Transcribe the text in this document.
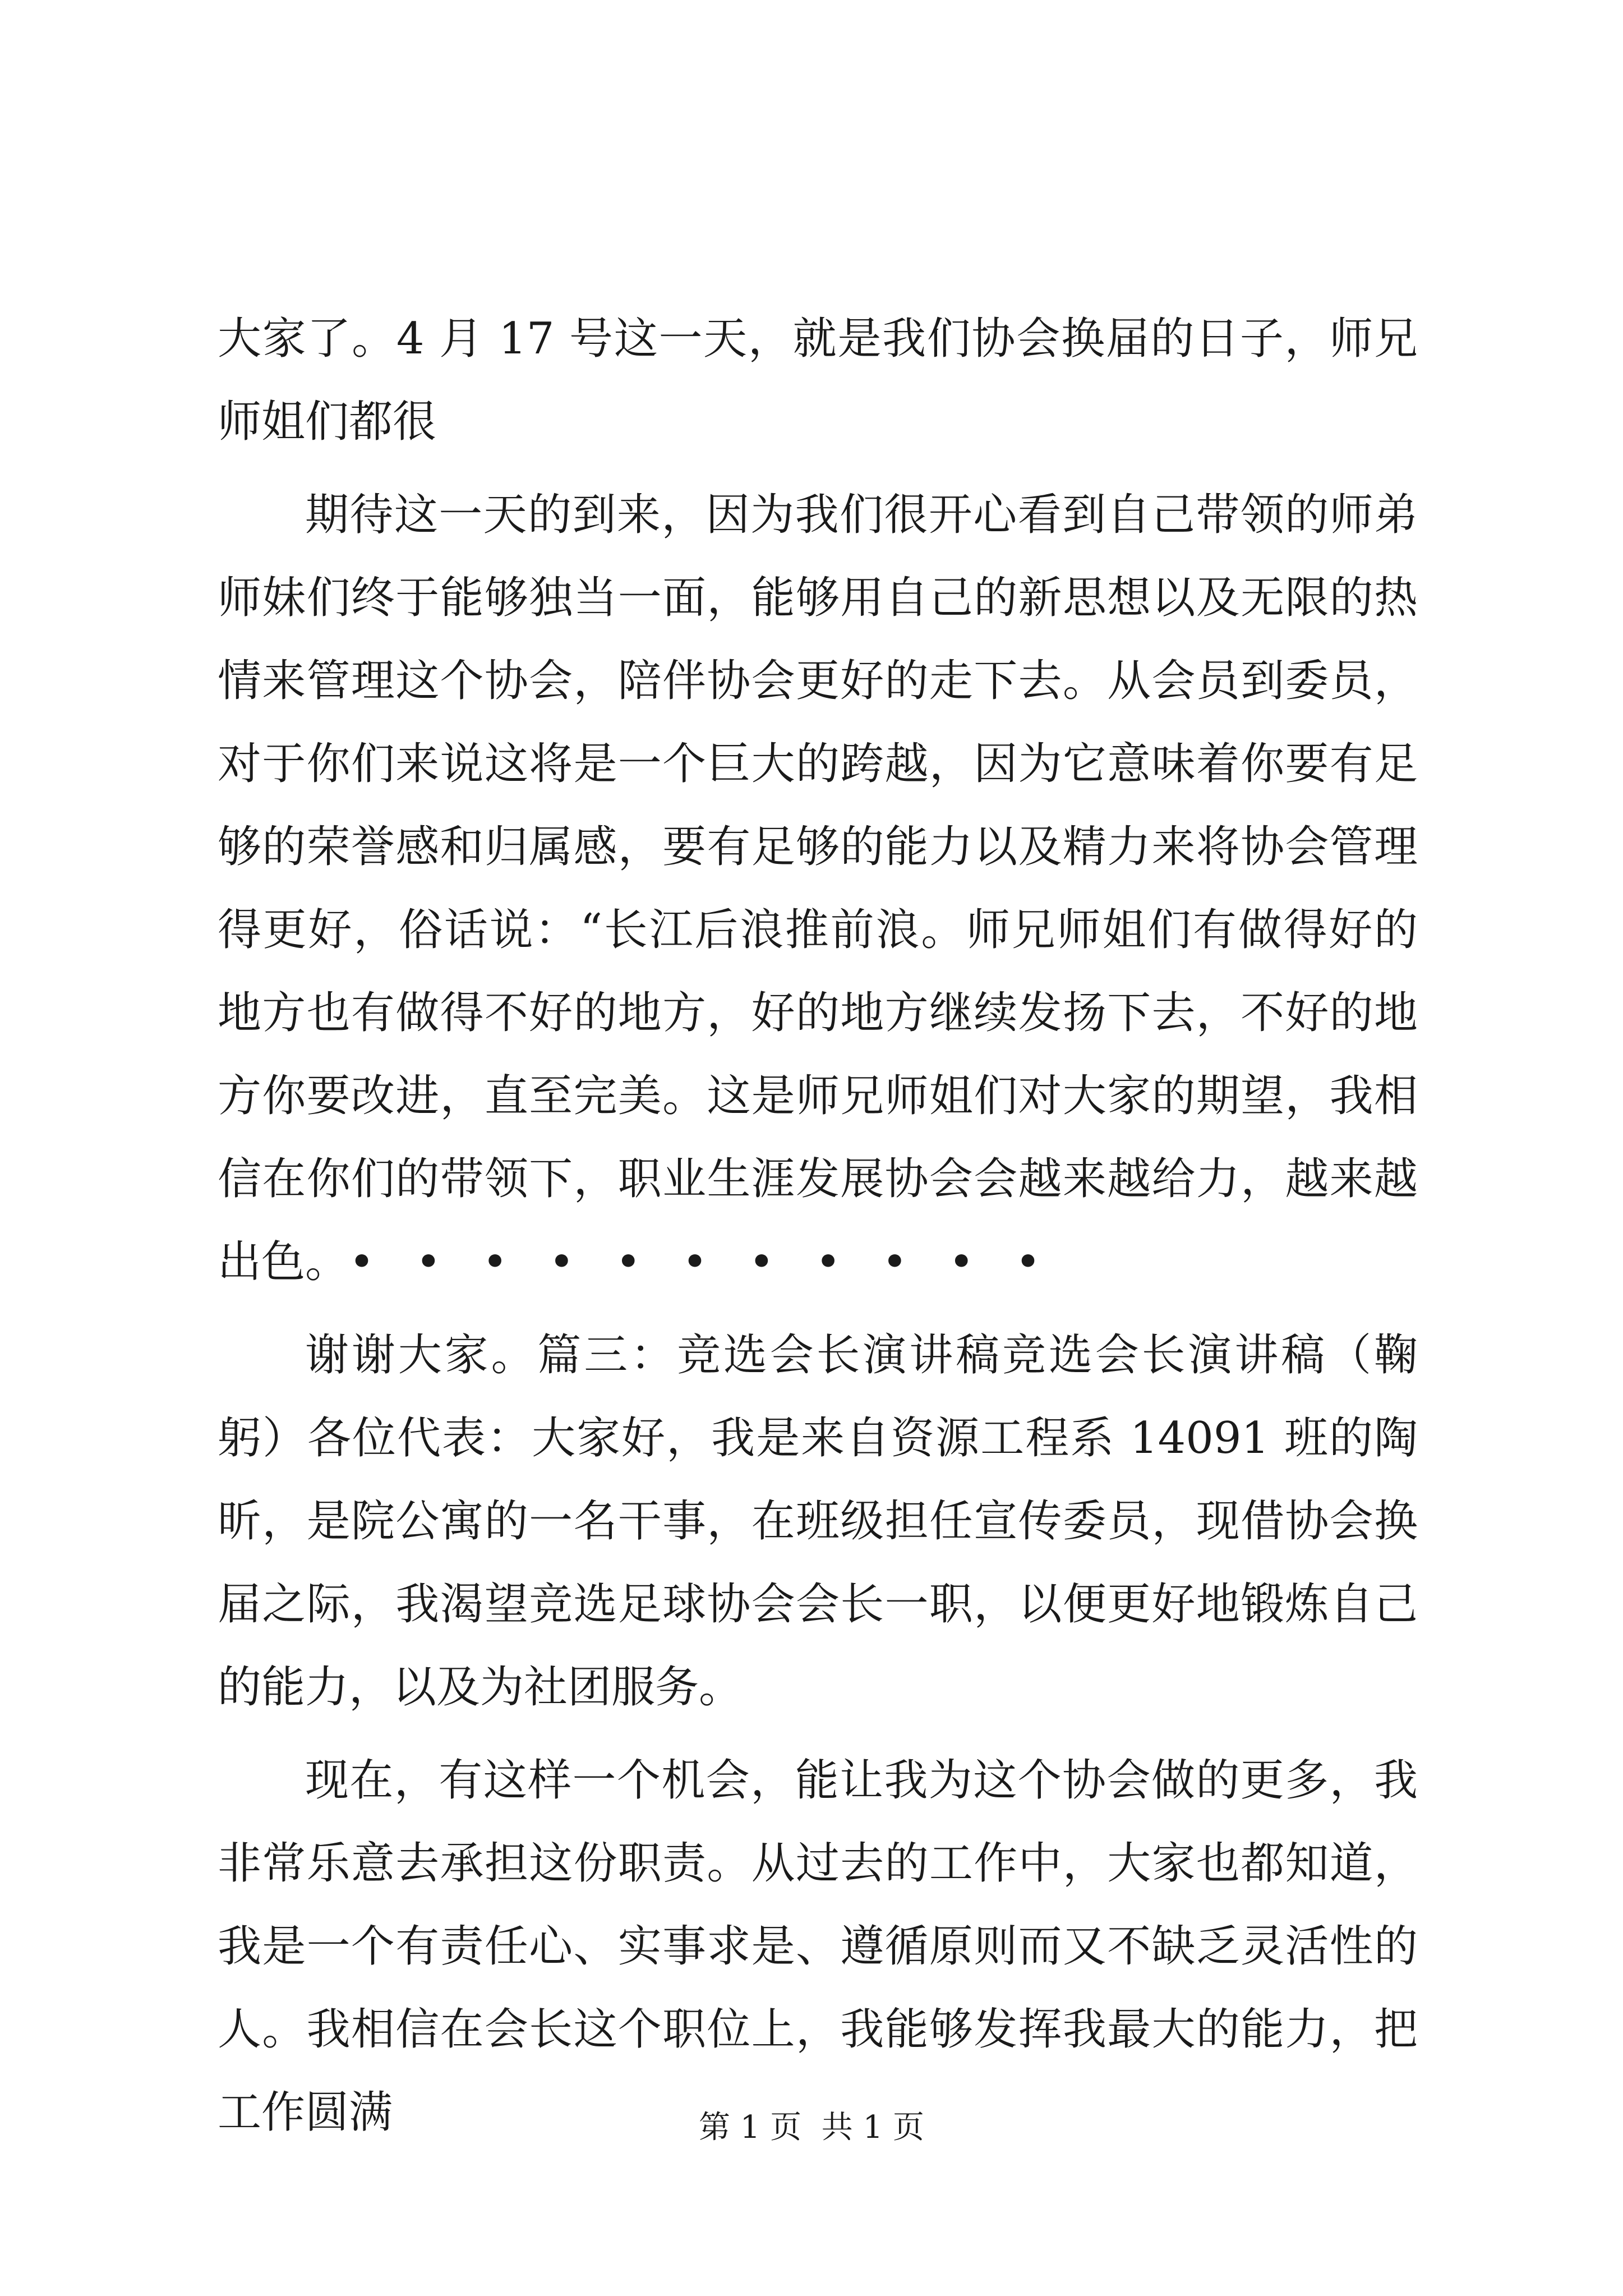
大家了。4 月 17 号这一天，就是我们协会换届的日子，师兄师姐们都很

期待这一天的到来，因为我们很开心看到自己带领的师弟师妹们终于能够独当一面，能够用自己的新思想以及无限的热情来管理这个协会，陪伴协会更好的走下去。从会员到委员，对于你们来说这将是一个巨大的跨越，因为它意味着你要有足够的荣誉感和归属感，要有足够的能力以及精力来将协会管理得更好，俗话说：“长江后浪推前浪。师兄师姐们有做得好的地方也有做得不好的地方，好的地方继续发扬下去，不好的地方你要改进，直至完美。这是师兄师姐们对大家的期望，我相信在你们的带领下，职业生涯发展协会会越来越给力，越来越出色。• • • • • • • • • • •

谢谢大家。篇三：竞选会长演讲稿竞选会长演讲稿（鞠躬）各位代表：大家好，我是来自资源工程系 14091 班的陶昕，是院公寓的一名干事，在班级担任宣传委员，现借协会换届之际，我渴望竞选足球协会会长一职，以便更好地锻炼自己的能力，以及为社团服务。

现在，有这样一个机会，能让我为这个协会做的更多，我非常乐意去承担这份职责。从过去的工作中，大家也都知道，我是一个有责任心、实事求是、遵循原则而又不缺乏灵活性的人。我相信在会长这个职位上，我能够发挥我最大的能力，把工作圆满	第 1 页  共 1 页
